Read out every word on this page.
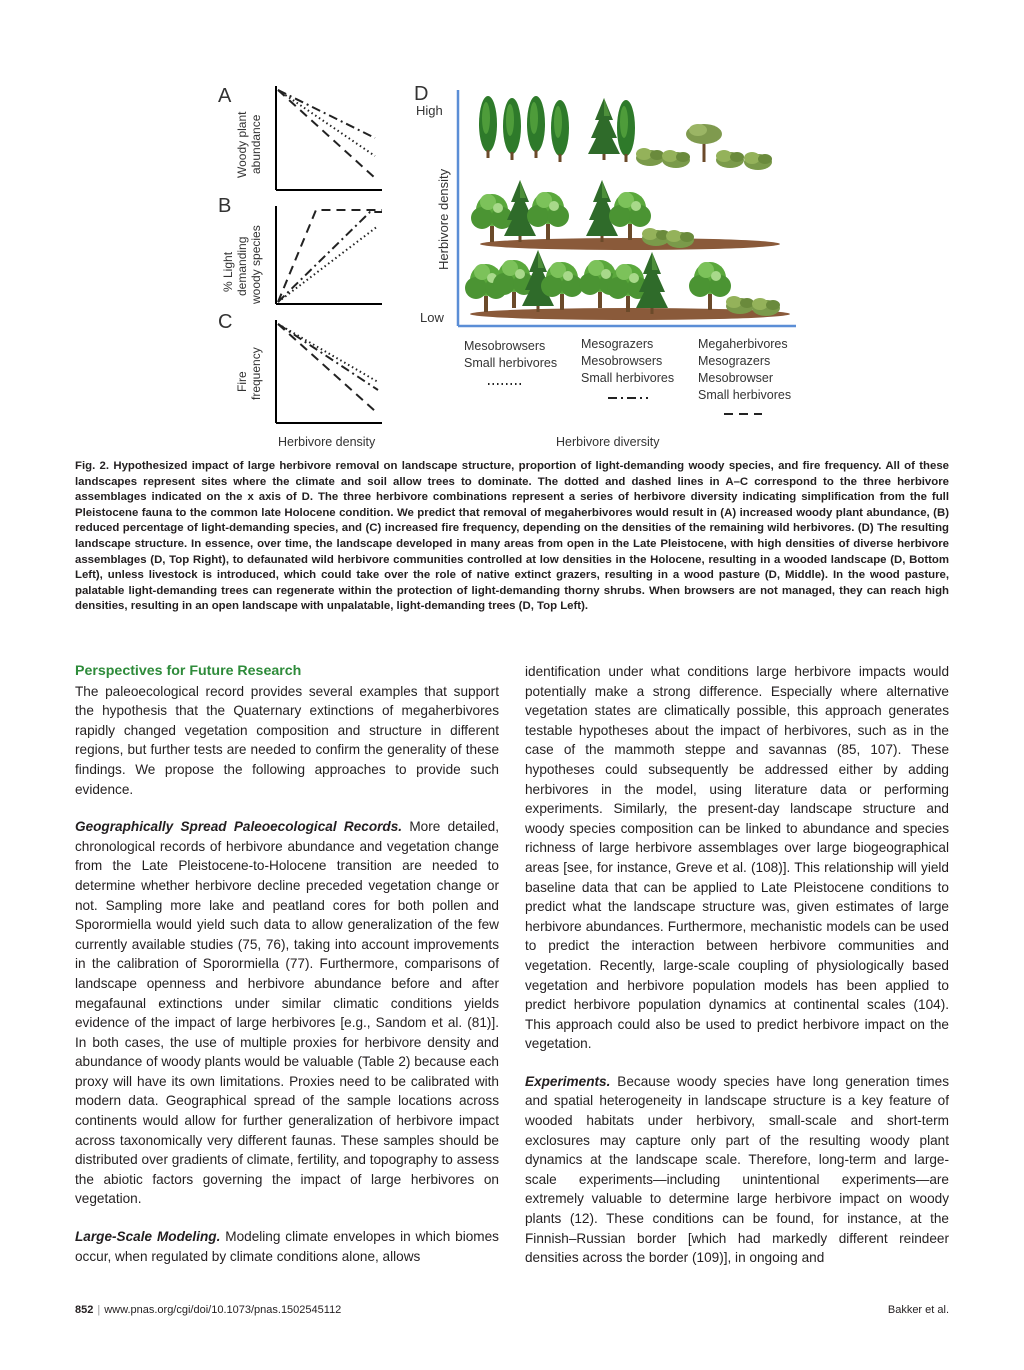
A
Woody plant abundance
B
% Light demanding woody species
C
Fire frequency
Herbivore density
D
High
Low
Herbivore density
Mesobrowsers
Small herbivores
Mesograzers
Mesobrowsers
Small herbivores
Megaherbivores
Mesograzers
Mesobrowser
Small herbivores
Herbivore diversity

Fig. 2. Hypothesized impact of large herbivore removal on landscape structure, proportion of light-demanding woody species, and fire frequency. All of these landscapes represent sites where the climate and soil allow trees to dominate. The dotted and dashed lines in A–C correspond to the three herbivore assemblages indicated on the x axis of D. The three herbivore combinations represent a series of herbivore diversity indicating simplification from the full Pleistocene fauna to the common late Holocene condition. We predict that removal of megaherbivores would result in (A) increased woody plant abundance, (B) reduced percentage of light-demanding species, and (C) increased fire frequency, depending on the densities of the remaining wild herbivores. (D) The resulting landscape structure. In essence, over time, the landscape developed in many areas from open in the Late Pleistocene, with high densities of diverse herbivore assemblages (D, Top Right), to defaunated wild herbivore communities controlled at low densities in the Holocene, resulting in a wooded landscape (D, Bottom Left), unless livestock is introduced, which could take over the role of native extinct grazers, resulting in a wood pasture (D, Middle). In the wood pasture, palatable light-demanding trees can regenerate within the protection of light-demanding thorny shrubs. When browsers are not managed, they can reach high densities, resulting in an open landscape with unpalatable, light-demanding trees (D, Top Left).

Perspectives for Future Research

The paleoecological record provides several examples that support the hypothesis that the Quaternary extinctions of megaherbivores rapidly changed vegetation composition and structure in different regions, but further tests are needed to confirm the generality of these findings. We propose the following approaches to provide such evidence.

Geographically Spread Paleoecological Records. More detailed, chronological records of herbivore abundance and vegetation change from the Late Pleistocene-to-Holocene transition are needed to determine whether herbivore decline preceded vegetation change or not. Sampling more lake and peatland cores for both pollen and Sporormiella would yield such data to allow generalization of the few currently available studies (75, 76), taking into account improvements in the calibration of Sporormiella (77). Furthermore, comparisons of landscape openness and herbivore abundance before and after megafaunal extinctions under similar climatic conditions yields evidence of the impact of large herbivores [e.g., Sandom et al. (81)]. In both cases, the use of multiple proxies for herbivore density and abundance of woody plants would be valuable (Table 2) because each proxy will have its own limitations. Proxies need to be calibrated with modern data. Geographical spread of the sample locations across continents would allow for further generalization of herbivore impact across taxonomically very different faunas. These samples should be distributed over gradients of climate, fertility, and topography to assess the abiotic factors governing the impact of large herbivores on vegetation.

Large-Scale Modeling. Modeling climate envelopes in which biomes occur, when regulated by climate conditions alone, allows

identification under what conditions large herbivore impacts would potentially make a strong difference. Especially where alternative vegetation states are climatically possible, this approach generates testable hypotheses about the impact of herbivores, such as in the case of the mammoth steppe and savannas (85, 107). These hypotheses could subsequently be addressed either by adding herbivores in the model, using literature data or performing experiments. Similarly, the present-day landscape structure and woody species composition can be linked to abundance and species richness of large herbivore assemblages over large biogeographical areas [see, for instance, Greve et al. (108)]. This relationship will yield baseline data that can be applied to Late Pleistocene conditions to predict what the landscape structure was, given estimates of large herbivore abundances. Furthermore, mechanistic models can be used to predict the interaction between herbivore communities and vegetation. Recently, large-scale coupling of physiologically based vegetation and herbivore population models has been applied to predict herbivore population dynamics at continental scales (104). This approach could also be used to predict herbivore impact on the vegetation.

Experiments. Because woody species have long generation times and spatial heterogeneity in landscape structure is a key feature of wooded habitats under herbivory, small-scale and short-term exclosures may capture only part of the resulting woody plant dynamics at the landscape scale. Therefore, long-term and large-scale experiments—including unintentional experiments—are extremely valuable to determine large herbivore impact on woody plants (12). These conditions can be found, for instance, at the Finnish–Russian border [which had markedly different reindeer densities across the border (109)], in ongoing and

852 | www.pnas.org/cgi/doi/10.1073/pnas.1502545112	Bakker et al.
